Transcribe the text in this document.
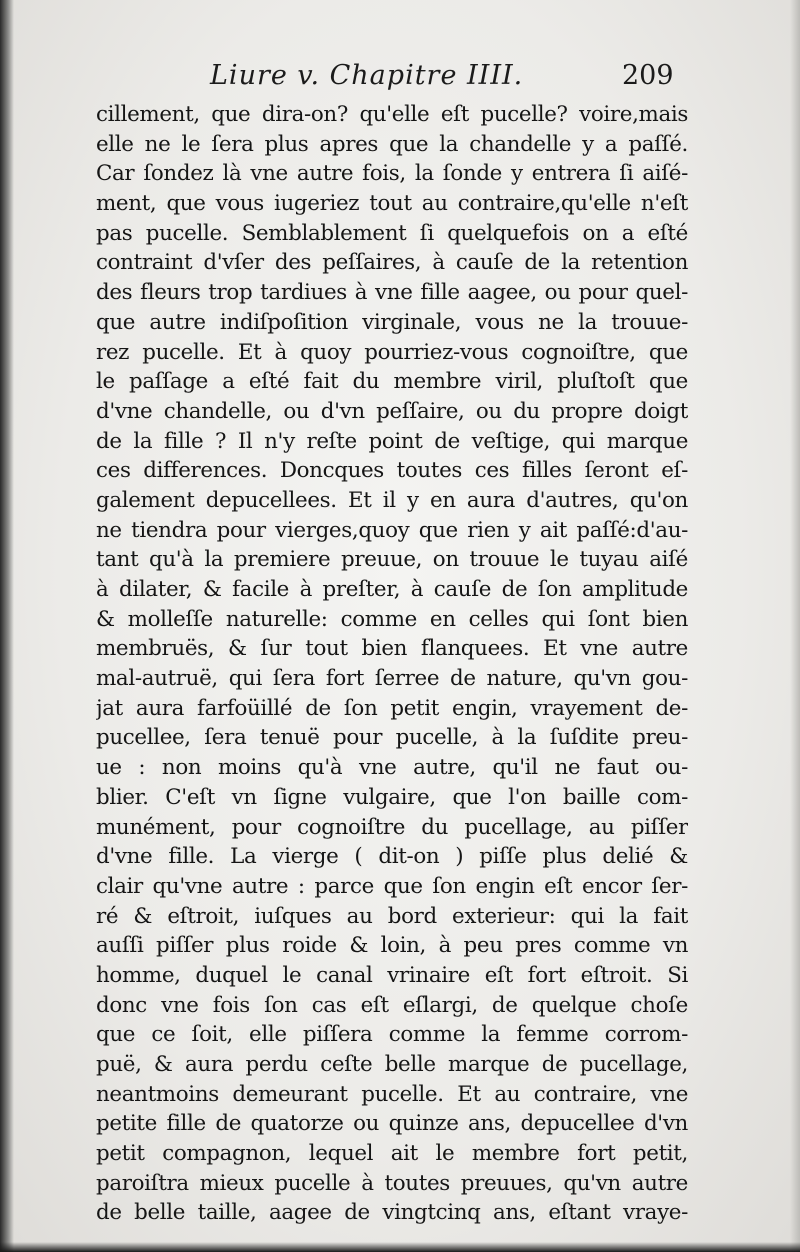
Liure v. Chapitre IIII.	209
cillement, que dira-on? qu'elle eſt pucelle? voire,mais
elle ne le ſera plus apres que la chandelle y a paſſé.
Car ſondez là vne autre fois, la ſonde y entrera ſi aiſé-
ment, que vous iugeriez tout au contraire,qu'elle n'eſt
pas pucelle. Semblablement ſi quelquefois on a eſté
contraint d'vſer des peſſaires, à cauſe de la retention
des fleurs trop tardiues à vne fille aagee, ou pour quel-
que autre indiſpoſition virginale, vous ne la trouue-
rez pucelle. Et à quoy pourriez-vous cognoiſtre, que
le paſſage a eſté fait du membre viril, pluſtoſt que
d'vne chandelle, ou d'vn peſſaire, ou du propre doigt
de la fille ? Il n'y reſte point de veſtige, qui marque
ces differences. Doncques toutes ces filles ſeront eſ-
galement depucellees. Et il y en aura d'autres, qu'on
ne tiendra pour vierges,quoy que rien y ait paſſé:d'au-
tant qu'à la premiere preuue, on trouue le tuyau aiſé
à dilater, & facile à preſter, à cauſe de ſon amplitude
& molleſſe naturelle: comme en celles qui ſont bien
membruës, & ſur tout bien flanquees. Et vne autre
mal-autruë, qui ſera fort ſerree de nature, qu'vn gou-
jat aura farfoüillé de ſon petit engin, vrayement de-
pucellee, ſera tenuë pour pucelle, à la ſuſdite preu-
ue : non moins qu'à vne autre, qu'il ne faut ou-
blier. C'eſt vn ſigne vulgaire, que l'on baille com-
munément, pour cognoiſtre du pucellage, au piſſer
d'vne fille. La vierge ( dit-on ) piſſe plus delié &
clair qu'vne autre : parce que ſon engin eſt encor ſer-
ré & eſtroit, iuſques au bord exterieur: qui la fait
auſſi piſſer plus roide & loin, à peu pres comme vn
homme, duquel le canal vrinaire eſt fort eſtroit. Si
donc vne fois ſon cas eſt eſlargi, de quelque choſe
que ce ſoit, elle piſſera comme la femme corrom-
puë, & aura perdu ceſte belle marque de pucellage,
neantmoins demeurant pucelle. Et au contraire, vne
petite fille de quatorze ou quinze ans, depucellee d'vn
petit compagnon, lequel ait le membre fort petit,
paroiſtra mieux pucelle à toutes preuues, qu'vn autre
de belle taille, aagee de vingtcinq ans, eſtant vraye-
